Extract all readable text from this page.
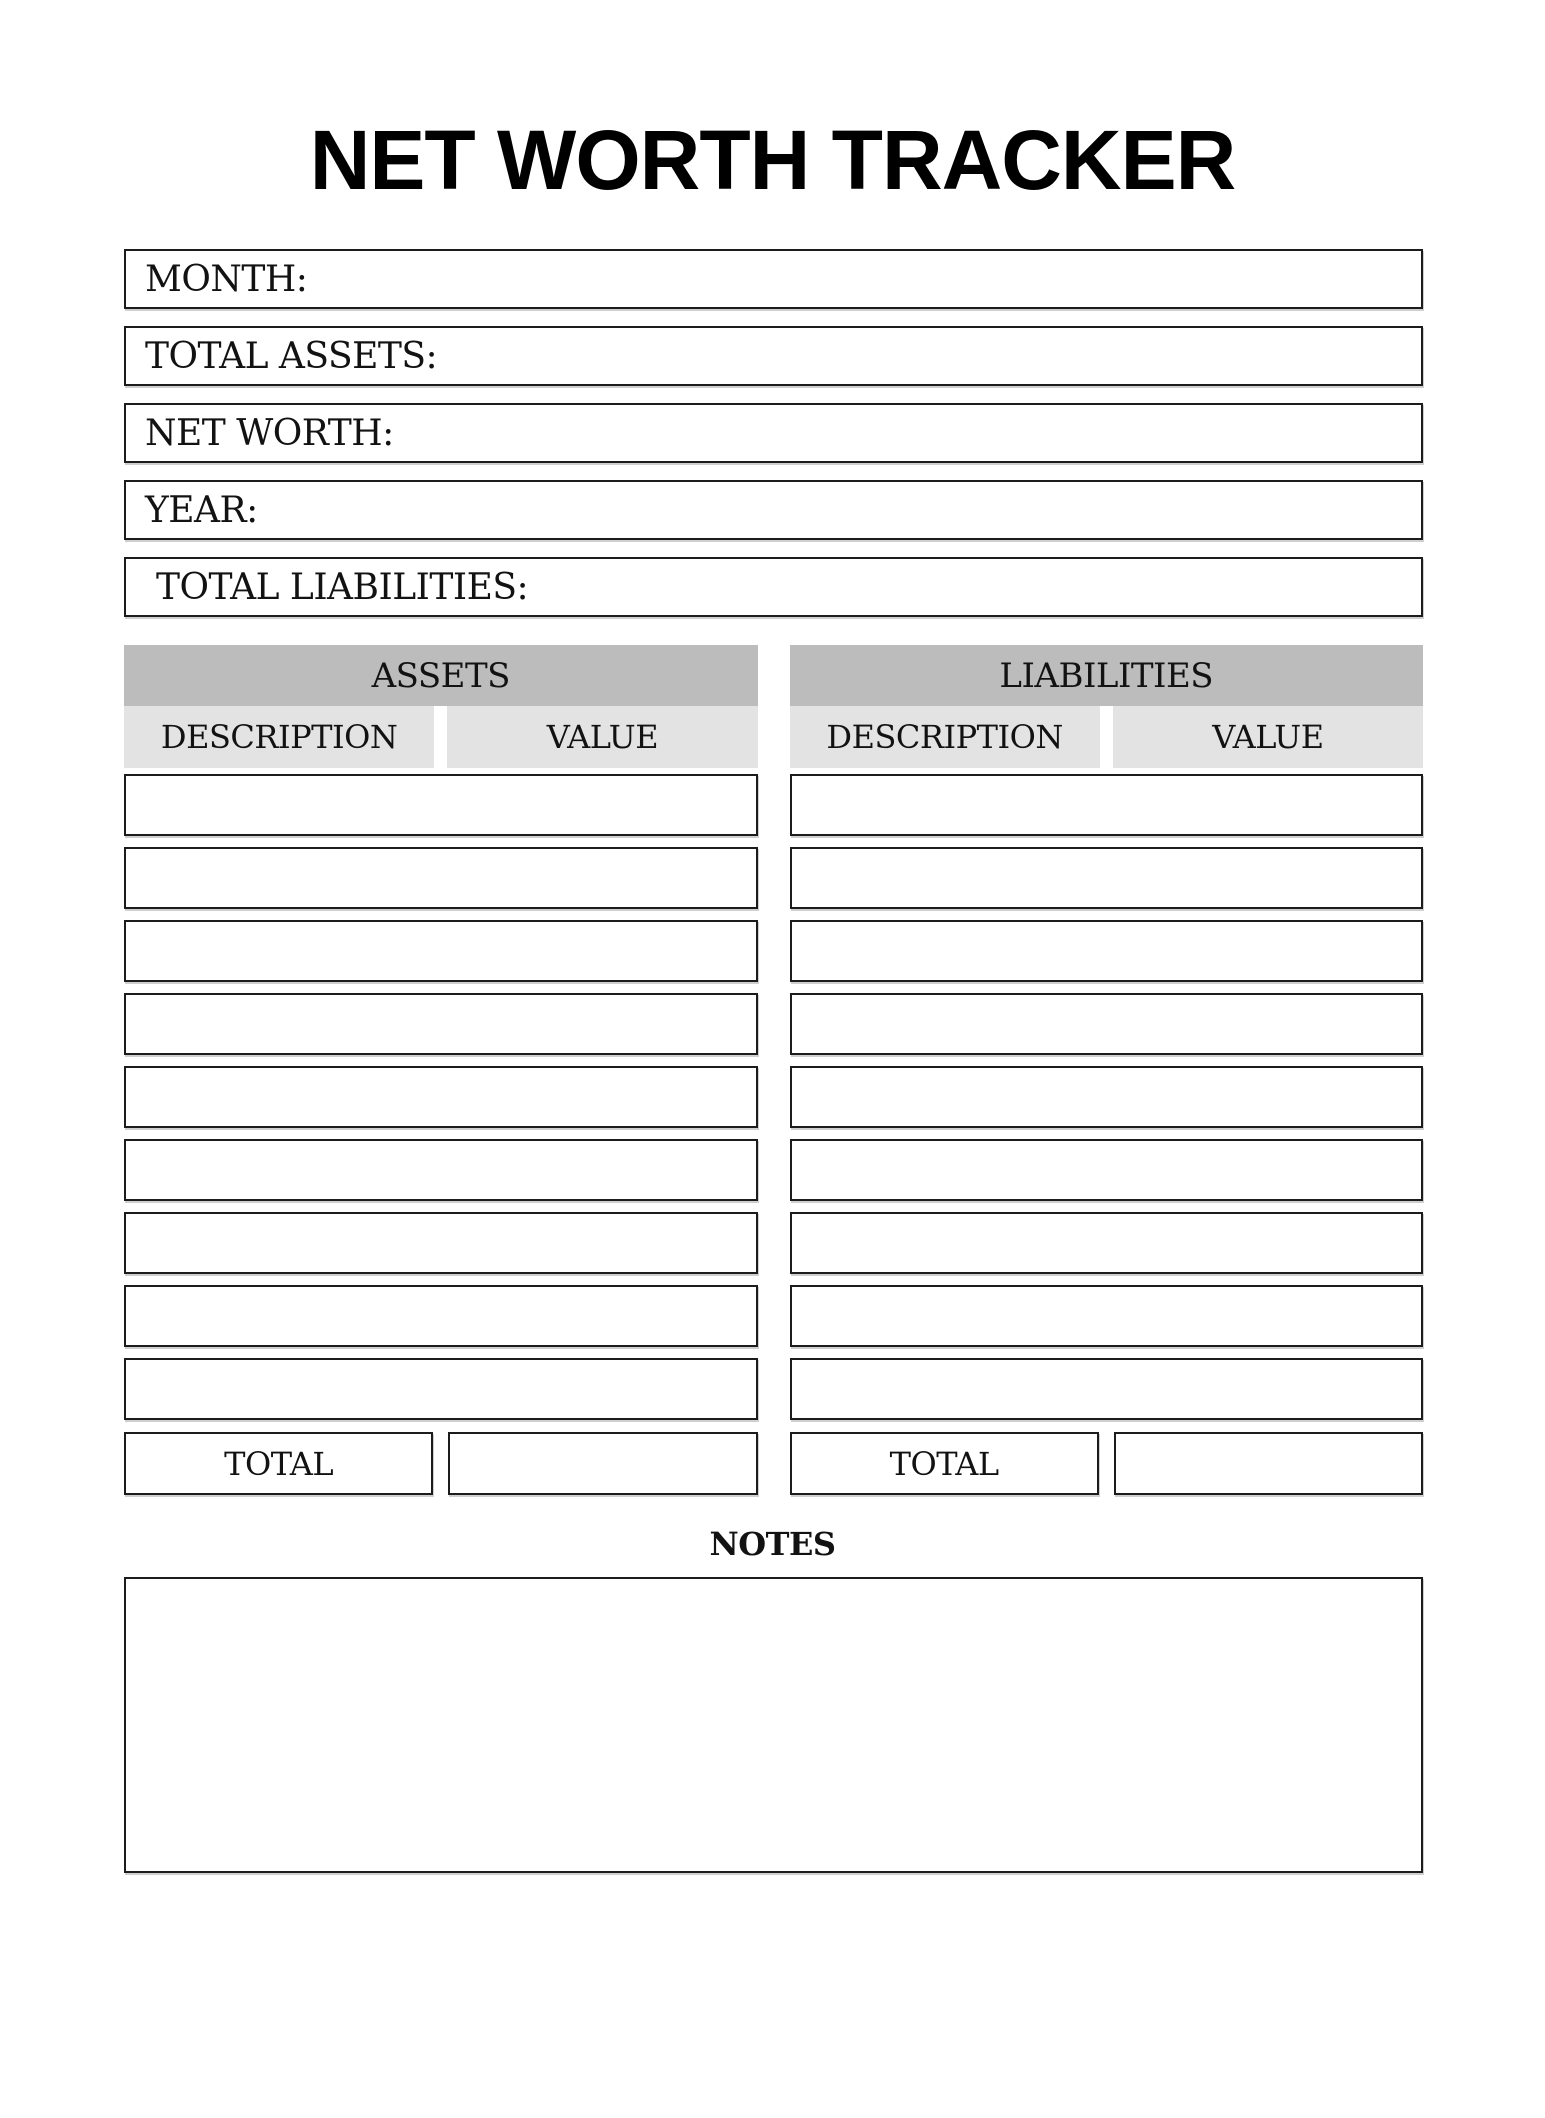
NET WORTH TRACKER
MONTH:
TOTAL ASSETS:
NET WORTH:
YEAR:
TOTAL LIABILITIES:
ASSETS
DESCRIPTION	VALUE
TOTAL
LIABILITIES
DESCRIPTION	VALUE
TOTAL
NOTES
